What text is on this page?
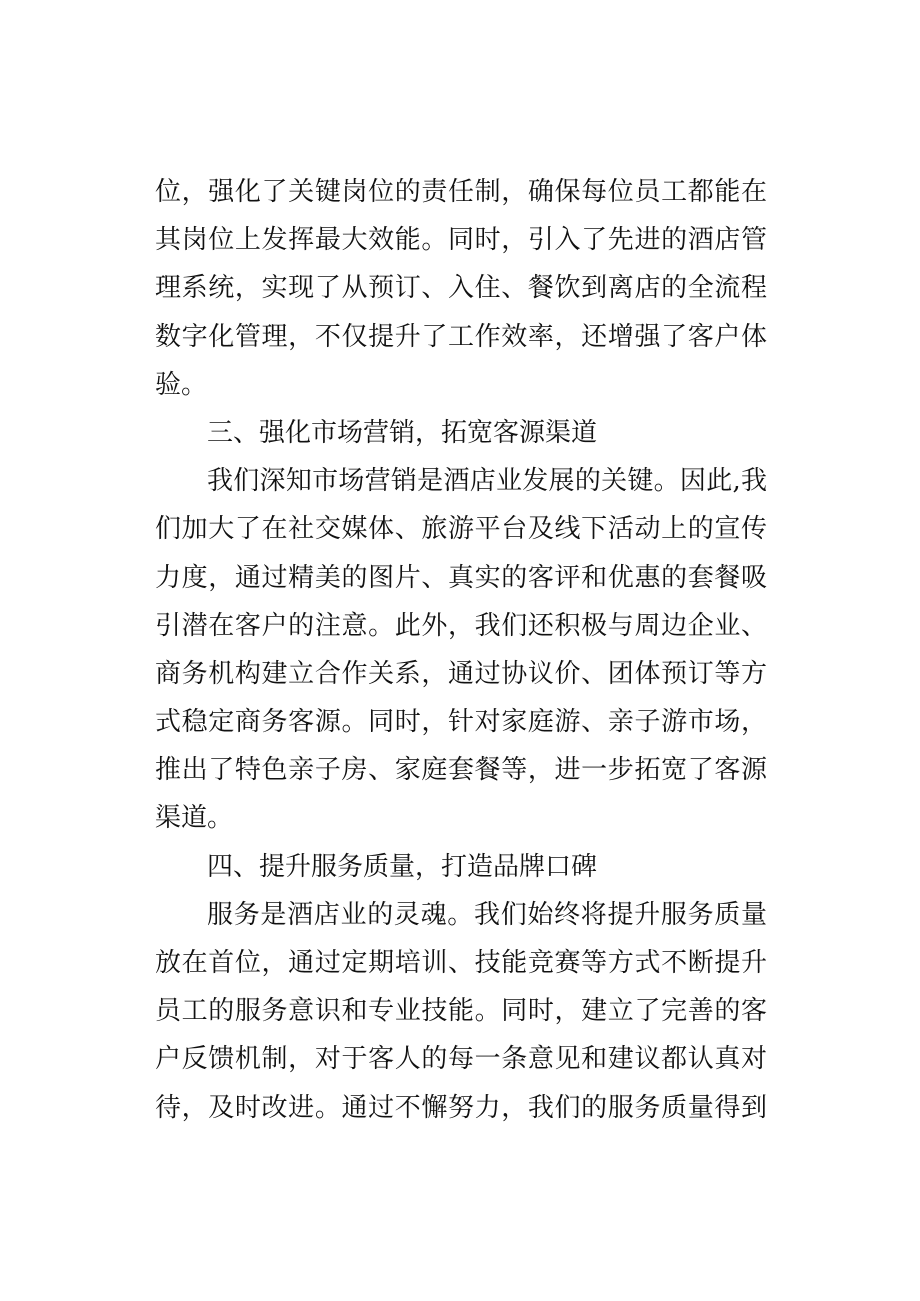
位，强化了关键岗位的责任制，确保每位员工都能在
其岗位上发挥最大效能。同时，引入了先进的酒店管
理系统，实现了从预订、入住、餐饮到离店的全流程
数字化管理，不仅提升了工作效率，还增强了客户体
验。
三、强化市场营销，拓宽客源渠道
我们深知市场营销是酒店业发展的关键。因此,我
们加大了在社交媒体、旅游平台及线下活动上的宣传
力度，通过精美的图片、真实的客评和优惠的套餐吸
引潜在客户的注意。此外，我们还积极与周边企业、
商务机构建立合作关系，通过协议价、团体预订等方
式稳定商务客源。同时，针对家庭游、亲子游市场，
推出了特色亲子房、家庭套餐等，进一步拓宽了客源
渠道。
四、提升服务质量，打造品牌口碑
服务是酒店业的灵魂。我们始终将提升服务质量
放在首位，通过定期培训、技能竞赛等方式不断提升
员工的服务意识和专业技能。同时，建立了完善的客
户反馈机制，对于客人的每一条意见和建议都认真对
待，及时改进。通过不懈努力，我们的服务质量得到
